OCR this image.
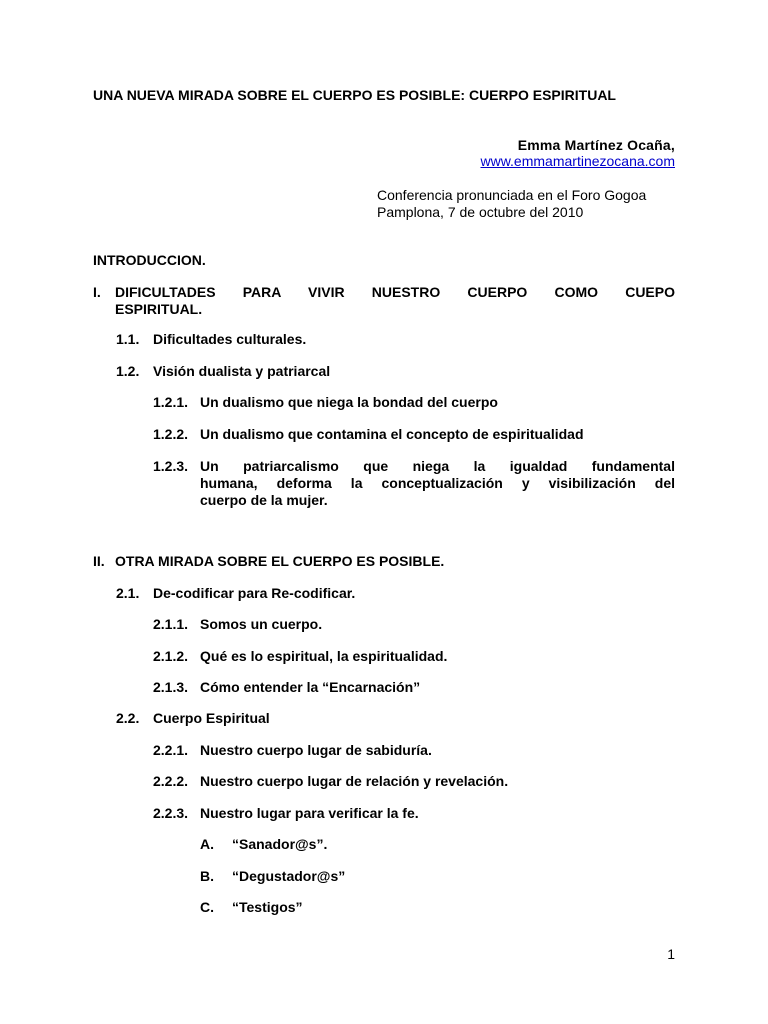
UNA NUEVA MIRADA SOBRE EL CUERPO ES POSIBLE: CUERPO ESPIRITUAL
Emma Martínez Ocaña,
www.emmamartinezocana.com
Conferencia pronunciada en el Foro Gogoa
Pamplona, 7 de octubre del 2010
INTRODUCCION.
I. DIFICULTADES PARA VIVIR NUESTRO CUERPO COMO CUEPO
ESPIRITUAL.
1.1. Dificultades culturales.
1.2. Visión dualista y patriarcal
1.2.1. Un dualismo que niega la bondad del cuerpo
1.2.2. Un dualismo que contamina el concepto de espiritualidad
1.2.3. Un patriarcalismo que niega la igualdad fundamental
humana, deforma la conceptualización y visibilización del
cuerpo de la mujer.
II. OTRA MIRADA SOBRE EL CUERPO ES POSIBLE.
2.1. De-codificar para Re-codificar.
2.1.1. Somos un cuerpo.
2.1.2. Qué es lo espiritual, la espiritualidad.
2.1.3. Cómo entender la “Encarnación”
2.2. Cuerpo Espiritual
2.2.1. Nuestro cuerpo lugar de sabiduría.
2.2.2. Nuestro cuerpo lugar de relación y revelación.
2.2.3. Nuestro lugar para verificar la fe.
A. “Sanador@s”.
B. “Degustador@s”
C. “Testigos”
1
